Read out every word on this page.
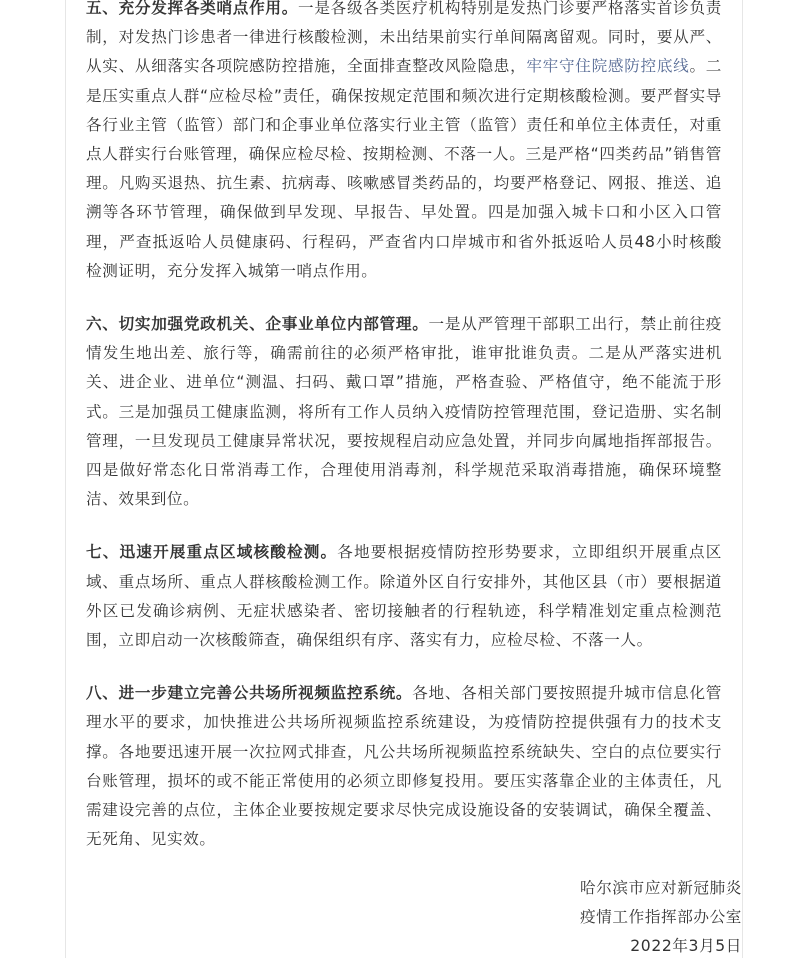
五、充分发挥各类哨点作用。一是各级各类医疗机构特别是发热门诊要严格落实首诊负责制，对发热门诊患者一律进行核酸检测，未出结果前实行单间隔离留观。同时，要从严、从实、从细落实各项院感防控措施，全面排查整改风险隐患，牢牢守住院感防控底线。二是压实重点人群“应检尽检”责任，确保按规定范围和频次进行定期核酸检测。要严督实导各行业主管（监管）部门和企事业单位落实行业主管（监管）责任和单位主体责任，对重点人群实行台账管理，确保应检尽检、按期检测、不落一人。三是严格“四类药品”销售管理。凡购买退热、抗生素、抗病毒、咳嗽感冒类药品的，均要严格登记、网报、推送、追溯等各环节管理，确保做到早发现、早报告、早处置。四是加强入城卡口和小区入口管理，严查抵返哈人员健康码、行程码，严查省内口岸城市和省外抵返哈人员48小时核酸检测证明，充分发挥入城第一哨点作用。

六、切实加强党政机关、企事业单位内部管理。一是从严管理干部职工出行，禁止前往疫情发生地出差、旅行等，确需前往的必须严格审批，谁审批谁负责。二是从严落实进机关、进企业、进单位“测温、扫码、戴口罩”措施，严格查验、严格值守，绝不能流于形式。三是加强员工健康监测，将所有工作人员纳入疫情防控管理范围，登记造册、实名制管理，一旦发现员工健康异常状况，要按规程启动应急处置，并同步向属地指挥部报告。四是做好常态化日常消毒工作，合理使用消毒剂，科学规范采取消毒措施，确保环境整洁、效果到位。

七、迅速开展重点区域核酸检测。各地要根据疫情防控形势要求，立即组织开展重点区域、重点场所、重点人群核酸检测工作。除道外区自行安排外，其他区县（市）要根据道外区已发确诊病例、无症状感染者、密切接触者的行程轨迹，科学精准划定重点检测范围，立即启动一次核酸筛查，确保组织有序、落实有力，应检尽检、不落一人。

八、进一步建立完善公共场所视频监控系统。各地、各相关部门要按照提升城市信息化管理水平的要求，加快推进公共场所视频监控系统建设，为疫情防控提供强有力的技术支撑。各地要迅速开展一次拉网式排查，凡公共场所视频监控系统缺失、空白的点位要实行台账管理，损坏的或不能正常使用的必须立即修复投用。要压实落靠企业的主体责任，凡需建设完善的点位，主体企业要按规定要求尽快完成设施设备的安装调试，确保全覆盖、无死角、见实效。

哈尔滨市应对新冠肺炎
疫情工作指挥部办公室
2022年3月5日
